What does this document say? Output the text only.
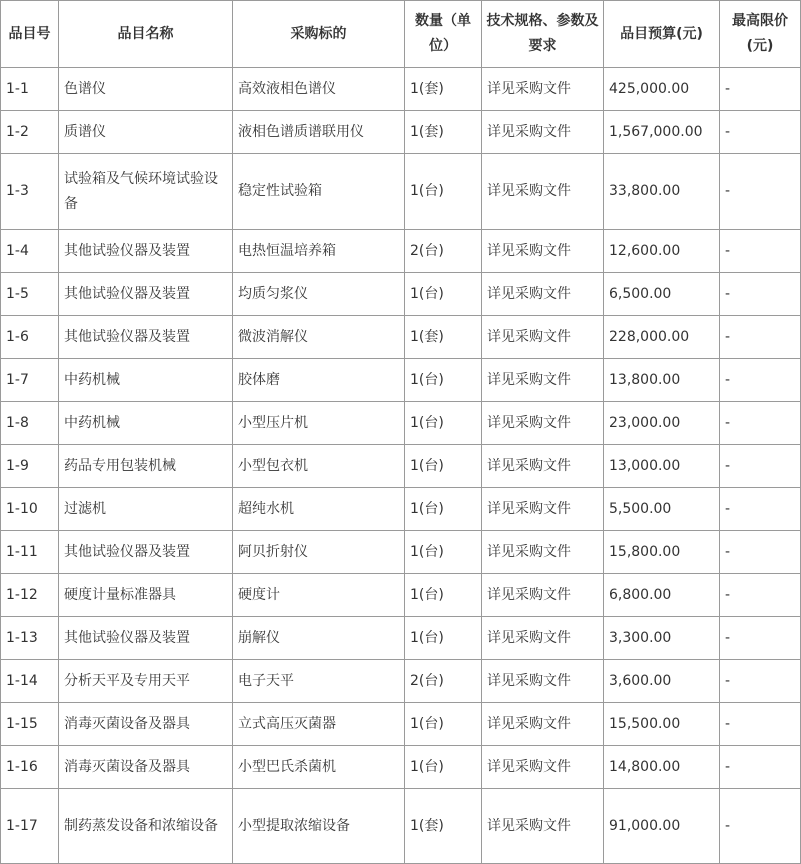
品目号	品目名称	采购标的	数量（单位）	技术规格、参数及要求	品目预算(元)	最高限价(元)
1-1	色谱仪	高效液相色谱仪	1(套)	详见采购文件	425,000.00	-
1-2	质谱仪	液相色谱质谱联用仪	1(套)	详见采购文件	1,567,000.00	-
1-3	试验箱及气候环境试验设备	稳定性试验箱	1(台)	详见采购文件	33,800.00	-
1-4	其他试验仪器及装置	电热恒温培养箱	2(台)	详见采购文件	12,600.00	-
1-5	其他试验仪器及装置	均质匀浆仪	1(台)	详见采购文件	6,500.00	-
1-6	其他试验仪器及装置	微波消解仪	1(套)	详见采购文件	228,000.00	-
1-7	中药机械	胶体磨	1(台)	详见采购文件	13,800.00	-
1-8	中药机械	小型压片机	1(台)	详见采购文件	23,000.00	-
1-9	药品专用包装机械	小型包衣机	1(台)	详见采购文件	13,000.00	-
1-10	过滤机	超纯水机	1(台)	详见采购文件	5,500.00	-
1-11	其他试验仪器及装置	阿贝折射仪	1(台)	详见采购文件	15,800.00	-
1-12	硬度计量标准器具	硬度计	1(台)	详见采购文件	6,800.00	-
1-13	其他试验仪器及装置	崩解仪	1(台)	详见采购文件	3,300.00	-
1-14	分析天平及专用天平	电子天平	2(台)	详见采购文件	3,600.00	-
1-15	消毒灭菌设备及器具	立式高压灭菌器	1(台)	详见采购文件	15,500.00	-
1-16	消毒灭菌设备及器具	小型巴氏杀菌机	1(台)	详见采购文件	14,800.00	-
1-17	制药蒸发设备和浓缩设备	小型提取浓缩设备	1(套)	详见采购文件	91,000.00	-
